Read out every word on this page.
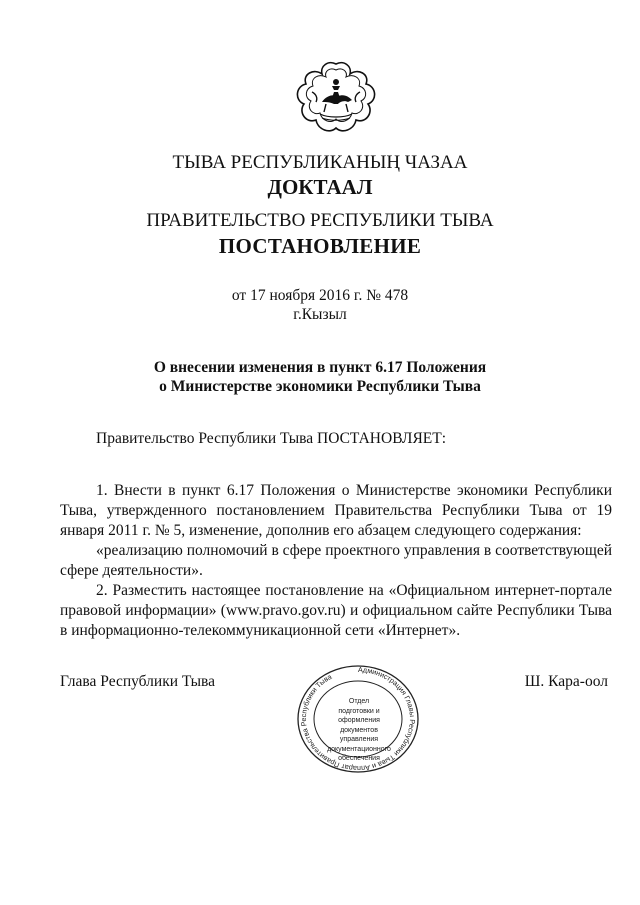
ТЫВА РЕСПУБЛИКАНЫҢ ЧАЗАА
ДОКТААЛ
ПРАВИТЕЛЬСТВО РЕСПУБЛИКИ ТЫВА
ПОСТАНОВЛЕНИЕ
от 17 ноября 2016 г. № 478
г.Кызыл
О внесении изменения в пункт 6.17 Положения
о Министерстве экономики Республики Тыва
Правительство Республики Тыва ПОСТАНОВЛЯЕТ:
1. Внести в пункт 6.17 Положения о Министерстве экономики Республики Тыва, утвержденного постановлением Правительства Республики Тыва от 19 января 2011 г. № 5, изменение, дополнив его абзацем следующего содержания:
«реализацию полномочий в сфере проектного управления в соответствующей сфере деятельности».
2. Разместить настоящее постановление на «Официальном интернет-портале правовой информации» (www.pravo.gov.ru) и официальном сайте Республики Тыва в информационно-телекоммуникационной сети «Интернет».
Глава Республики Тыва	Ш. Кара-оол
Администрация Главы Республики Тыва и Аппарат Правительства Республики Тыва
Отдел
подготовки и
оформления документов
управления
документационного
обеспечения
